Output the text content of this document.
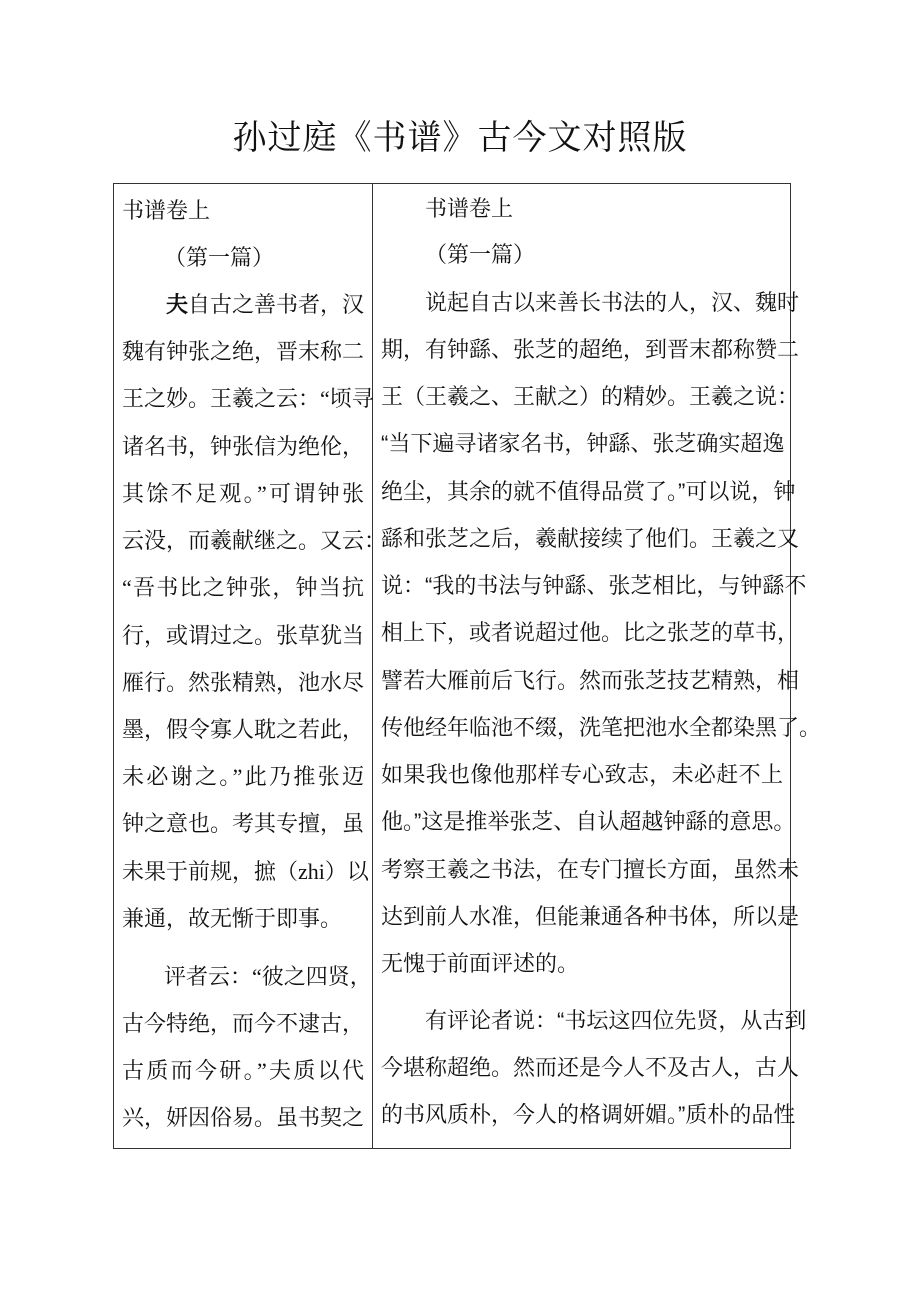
孙过庭《书谱》古今文对照版
书谱卷上
（第一篇）
夫自古之善书者，汉
魏有钟张之绝，晋末称二
王之妙。王羲之云：“顷寻
诸名书，钟张信为绝伦，
其馀不足观。”可谓钟张
云没，而羲献继之。又云：
“吾书比之钟张，钟当抗
行，或谓过之。张草犹当
雁行。然张精熟，池水尽
墨，假令寡人耽之若此，
未必谢之。”此乃推张迈
钟之意也。考其专擅，虽
未果于前规，摭（zhi）以
兼通，故无惭于即事。
评者云：“彼之四贤，
古今特绝，而今不逮古，
古质而今研。”夫质以代
兴，妍因俗易。虽书契之
书谱卷上
（第一篇）
说起自古以来善长书法的人，汉、魏时
期，有钟繇、张芝的超绝，到晋末都称赞二
王（王羲之、王献之）的精妙。王羲之说：
“当下遍寻诸家名书，钟繇、张芝确实超逸
绝尘，其余的就不值得品赏了。”可以说，钟
繇和张芝之后，羲献接续了他们。王羲之又
说：“我的书法与钟繇、张芝相比，与钟繇不
相上下，或者说超过他。比之张芝的草书，
譬若大雁前后飞行。然而张芝技艺精熟，相
传他经年临池不缀，洗笔把池水全都染黑了。
如果我也像他那样专心致志，未必赶不上
他。”这是推举张芝、自认超越钟繇的意思。
考察王羲之书法，在专门擅长方面，虽然未
达到前人水准，但能兼通各种书体，所以是
无愧于前面评述的。
有评论者说：“书坛这四位先贤，从古到
今堪称超绝。然而还是今人不及古人，古人
的书风质朴，今人的格调妍媚。”质朴的品性
